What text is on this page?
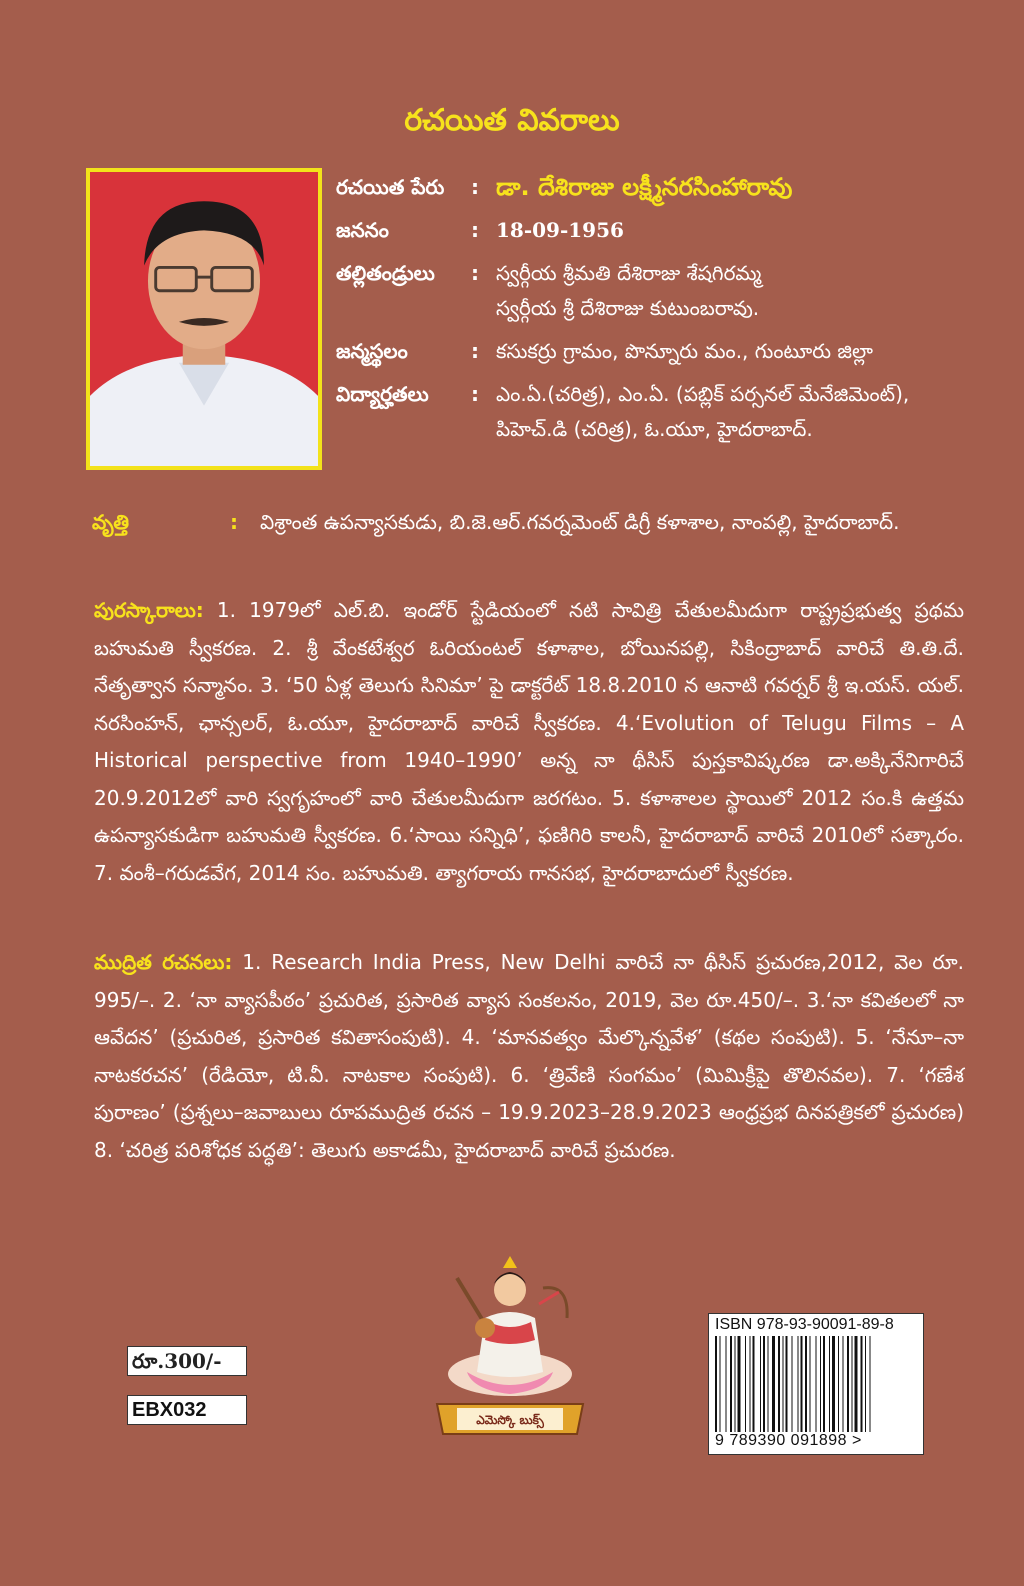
రచయిత వివరాలు
రచయిత పేరు	: డా. దేశిరాజు లక్ష్మీనరసింహారావు
జననం	: 18-09-1956
తల్లితండ్రులు	: స్వర్గీయ శ్రీమతి దేశిరాజు శేషగిరమ్మ
స్వర్గీయ శ్రీ దేశిరాజు కుటుంబరావు.
జన్మస్థలం	: కసుకర్రు గ్రామం, పొన్నూరు మం., గుంటూరు జిల్లా
విద్యార్హతలు	: ఎం.ఏ.(చరిత్ర), ఎం.ఏ. (పబ్లిక్ పర్సనల్ మేనేజిమెంట్), పిహెచ్.డి (చరిత్ర), ఓ.యూ, హైదరాబాద్.
వృత్తి	:	విశ్రాంత ఉపన్యాసకుడు, బి.జె.ఆర్.గవర్నమెంట్ డిగ్రీ కళాశాల, నాంపల్లి, హైదరాబాద్.
పురస్కారాలు: 1. 1979లో ఎల్.బి. ఇండోర్ స్టేడియంలో నటి సావిత్రి చేతులమీదుగా రాష్ట్రప్రభుత్వ ప్రథమ బహుమతి స్వీకరణ. 2. శ్రీ వేంకటేశ్వర ఓరియంటల్ కళాశాల, బోయినపల్లి, సికింద్రాబాద్ వారిచే తి.తి.దే. నేతృత్వాన సన్మానం. 3. ‘50 ఏళ్ల తెలుగు సినిమా’ పై డాక్టరేట్ 18.8.2010 న ఆనాటి గవర్నర్ శ్రీ ఇ.యస్. యల్. నరసింహన్, ఛాన్సలర్, ఓ.యూ, హైదరాబాద్ వారిచే స్వీకరణ. 4.‘Evolution of Telugu Films – A Historical perspective from 1940–1990’ అన్న నా థీసిస్ పుస్తకావిష్కరణ డా.అక్కినేనిగారిచే 20.9.2012లో వారి స్వగృహంలో వారి చేతులమీదుగా జరగటం. 5. కళాశాలల స్థాయిలో 2012 సం.కి ఉత్తమ ఉపన్యాసకుడిగా బహుమతి స్వీకరణ. 6.‘సాయి సన్నిధి’, ఫణిగిరి కాలనీ, హైదరాబాద్ వారిచే 2010లో సత్కారం. 7. వంశీ–గరుడవేగ, 2014 సం. బహుమతి. త్యాగరాయ గానసభ, హైదరాబాదులో స్వీకరణ.
ముద్రిత రచనలు: 1. Research India Press, New Delhi వారిచే నా థీసిస్ ప్రచురణ,2012, వెల రూ. 995/–. 2. ‘నా వ్యాసపీఠం’ ప్రచురిత, ప్రసారిత వ్యాస సంకలనం, 2019, వెల రూ.450/–. 3.‘నా కవితలలో నా ఆవేదన’ (ప్రచురిత, ప్రసారిత కవితాసంపుటి). 4. ‘మానవత్వం మేల్కొన్నవేళ’ (కథల సంపుటి). 5. ‘నేనూ–నా నాటకరచన’ (రేడియో, టి.వీ. నాటకాల సంపుటి). 6. ‘త్రివేణి సంగమం’ (మిమిక్రీపై తొలినవల). 7. ‘గణేశ పురాణం’ (ప్రశ్నలు–జవాబులు రూపముద్రిత రచన – 19.9.2023–28.9.2023 ఆంధ్రప్రభ దినపత్రికలో ప్రచురణ) 8. ‘చరిత్ర పరిశోధక పద్ధతి’: తెలుగు అకాడమీ, హైదరాబాద్ వారిచే ప్రచురణ.
ఎమెస్కో బుక్స్
రూ.300/-
EBX032
ISBN 978-93-90091-89-8
9 789390 091898 >
